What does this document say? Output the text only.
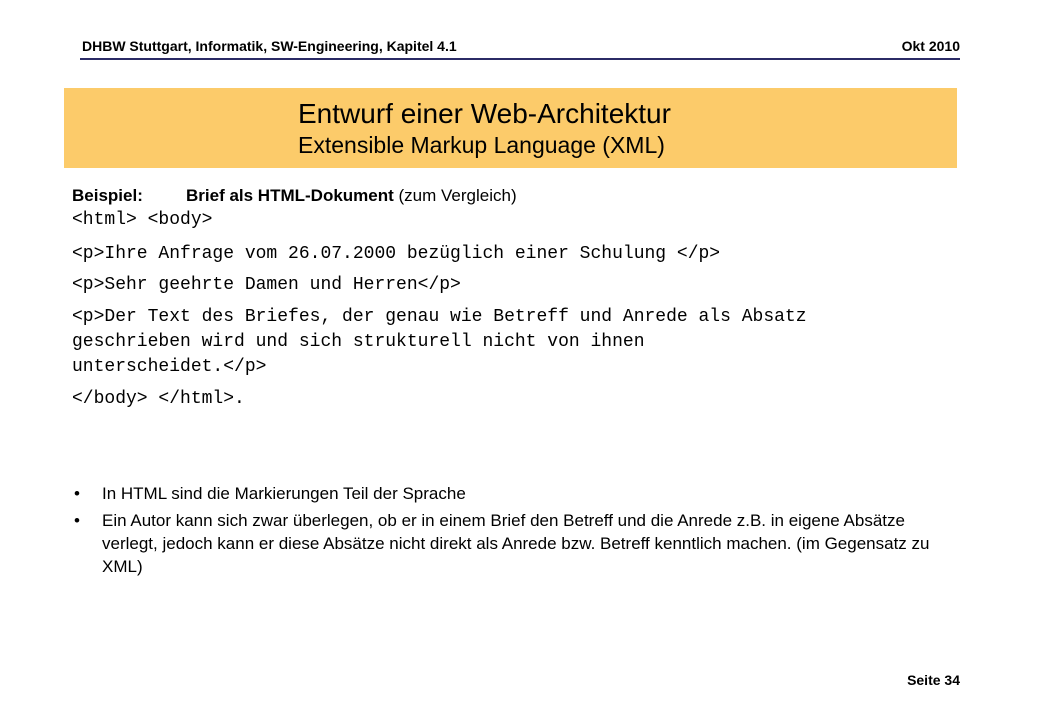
DHBW Stuttgart, Informatik, SW-Engineering, Kapitel 4.1	Okt 2010
Entwurf einer Web-Architektur
Extensible Markup Language (XML)
Beispiel:	Brief als HTML-Dokument (zum Vergleich)
<html> <body>
<p>Ihre Anfrage vom 26.07.2000 bezüglich einer Schulung </p>
<p>Sehr geehrte Damen und Herren</p>
<p>Der Text des Briefes, der genau wie Betreff und Anrede als Absatz
geschrieben wird und sich strukturell nicht von ihnen
unterscheidet.</p>
</body> </html>.
• In HTML sind die Markierungen Teil der Sprache
• Ein Autor kann sich zwar überlegen, ob er in einem Brief den Betreff und die Anrede z.B. in eigene Absätze verlegt, jedoch kann er diese Absätze nicht direkt als Anrede bzw. Betreff kenntlich machen. (im Gegensatz zu XML)
Seite 34
